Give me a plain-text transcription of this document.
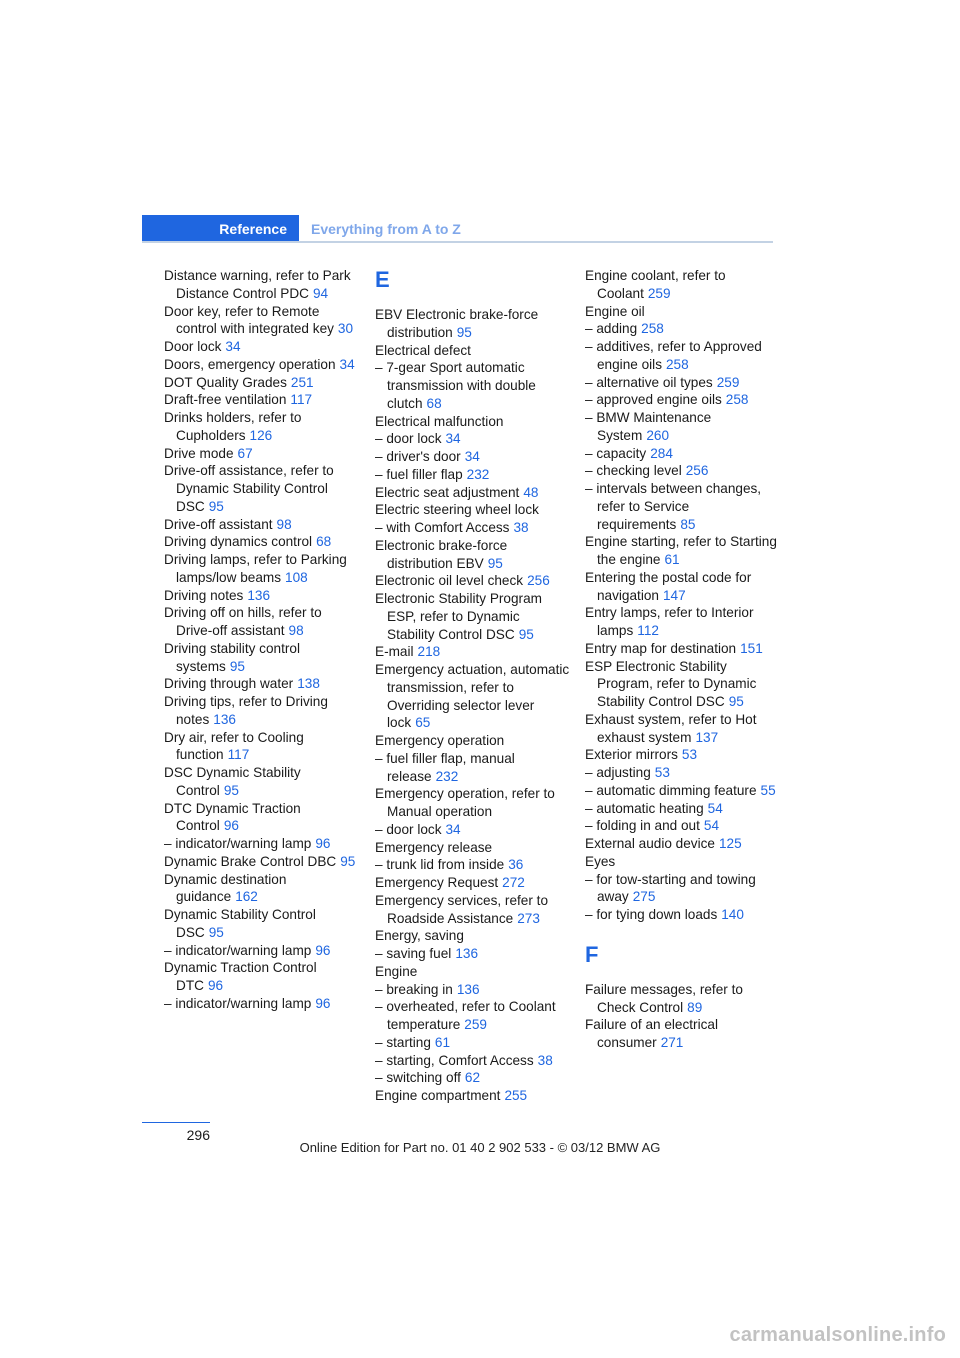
Reference	Everything from A to Z
Distance warning, refer to Park Distance Control PDC 94
Door key, refer to Remote control with integrated key 30
Door lock 34
Doors, emergency operation 34
DOT Quality Grades 251
Draft-free ventilation 117
Drinks holders, refer to Cupholders 126
Drive mode 67
Drive-off assistance, refer to Dynamic Stability Control DSC 95
Drive-off assistant 98
Driving dynamics control 68
Driving lamps, refer to Parking lamps/low beams 108
Driving notes 136
Driving off on hills, refer to Drive-off assistant 98
Driving stability control systems 95
Driving through water 138
Driving tips, refer to Driving notes 136
Dry air, refer to Cooling function 117
DSC Dynamic Stability Control 95
DTC Dynamic Traction Control 96
– indicator/warning lamp 96
Dynamic Brake Control DBC 95
Dynamic destination guidance 162
Dynamic Stability Control DSC 95
– indicator/warning lamp 96
Dynamic Traction Control DTC 96
– indicator/warning lamp 96
E
EBV Electronic brake-force distribution 95
Electrical defect
– 7-gear Sport automatic transmission with double clutch 68
Electrical malfunction
– door lock 34
– driver's door 34
– fuel filler flap 232
Electric seat adjustment 48
Electric steering wheel lock
– with Comfort Access 38
Electronic brake-force distribution EBV 95
Electronic oil level check 256
Electronic Stability Program ESP, refer to Dynamic Stability Control DSC 95
E-mail 218
Emergency actuation, automatic transmission, refer to Overriding selector lever lock 65
Emergency operation
– fuel filler flap, manual release 232
Emergency operation, refer to Manual operation
– door lock 34
Emergency release
– trunk lid from inside 36
Emergency Request 272
Emergency services, refer to Roadside Assistance 273
Energy, saving
– saving fuel 136
Engine
– breaking in 136
– overheated, refer to Coolant temperature 259
– starting 61
– starting, Comfort Access 38
– switching off 62
Engine compartment 255
Engine coolant, refer to Coolant 259
Engine oil
– adding 258
– additives, refer to Approved engine oils 258
– alternative oil types 259
– approved engine oils 258
– BMW Maintenance System 260
– capacity 284
– checking level 256
– intervals between changes, refer to Service requirements 85
Engine starting, refer to Starting the engine 61
Entering the postal code for navigation 147
Entry lamps, refer to Interior lamps 112
Entry map for destination 151
ESP Electronic Stability Program, refer to Dynamic Stability Control DSC 95
Exhaust system, refer to Hot exhaust system 137
Exterior mirrors 53
– adjusting 53
– automatic dimming feature 55
– automatic heating 54
– folding in and out 54
External audio device 125
Eyes
– for tow-starting and towing away 275
– for tying down loads 140
F
Failure messages, refer to Check Control 89
Failure of an electrical consumer 271
296
Online Edition for Part no. 01 40 2 902 533 - © 03/12 BMW AG
carmanualsonline.info
